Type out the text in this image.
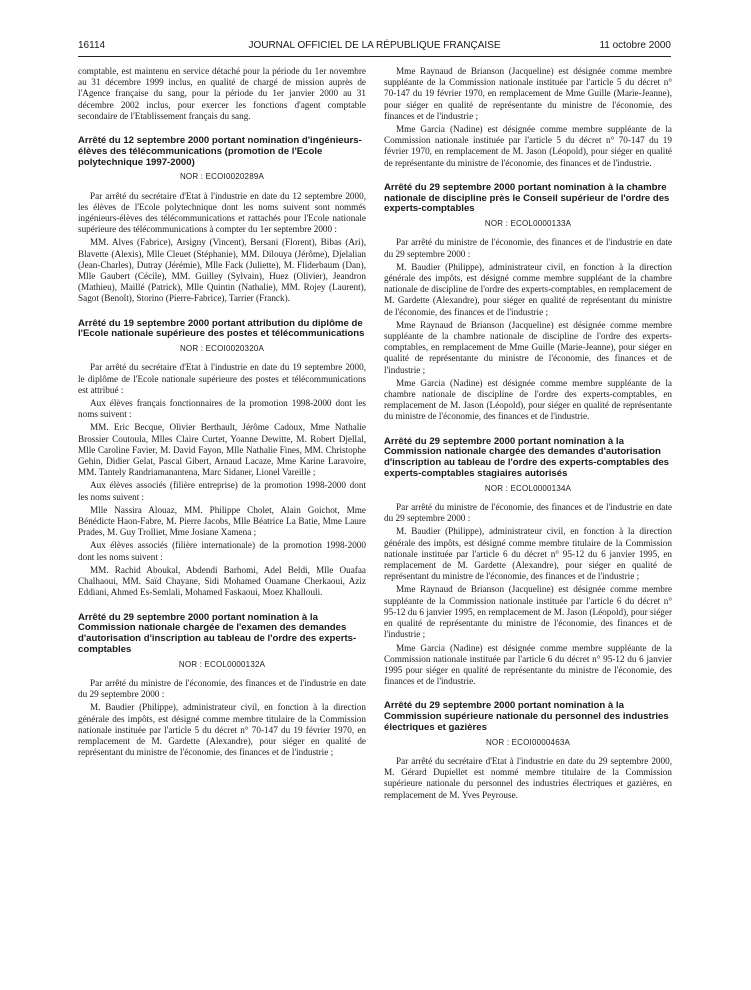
16114	JOURNAL OFFICIEL DE LA RÉPUBLIQUE FRANÇAISE	11 octobre 2000

comptable, est maintenu en service détaché pour la période du 1er novembre au 31 décembre 1999 inclus, en qualité de chargé de mission auprès de l'Agence française du sang, pour la période du 1er janvier 2000 au 31 décembre 2002 inclus, pour exercer les fonctions d'agent comptable secondaire de l'Etablissement français du sang.

Arrêté du 12 septembre 2000 portant nomination d'ingénieurs-élèves des télécommunications (promotion de l'Ecole polytechnique 1997-2000)
NOR : ECOI0020289A

Par arrêté du secrétaire d'Etat à l'industrie en date du 12 septembre 2000, les élèves de l'Ecole polytechnique dont les noms suivent sont nommés ingénieurs-élèves des télécommunications et rattachés pour l'Ecole nationale supérieure des télécommunications à compter du 1er septembre 2000 :

MM. Alves (Fabrice), Arsigny (Vincent), Bersani (Florent), Bibas (Ari), Blavette (Alexis), Mlle Cleuet (Stéphanie), MM. Dilouya (Jérôme), Djelalian (Jean-Charles), Dutray (Jérémie), Mlle Fack (Juliette), M. Fliderbaum (Dan), Mlle Gaubert (Cécile), MM. Guilley (Sylvain), Huez (Olivier), Jeandron (Mathieu), Maillé (Patrick), Mlle Quintin (Nathalie), MM. Rojey (Laurent), Sagot (Benoît), Storino (Pierre-Fabrice), Tarrier (Franck).

Arrêté du 19 septembre 2000 portant attribution du diplôme de l'Ecole nationale supérieure des postes et télécommunications
NOR : ECOI0020320A

Par arrêté du secrétaire d'Etat à l'industrie en date du 19 septembre 2000, le diplôme de l'Ecole nationale supérieure des postes et télécommunications est attribué :

Aux élèves français fonctionnaires de la promotion 1998-2000 dont les noms suivent :

MM. Eric Becque, Olivier Berthault, Jérôme Cadoux, Mme Nathalie Brossier Coutoula, Mlles Claire Curtet, Yoanne Dewitte, M. Robert Djellal, Mlle Caroline Favier, M. David Fayon, Mlle Nathalie Fines, MM. Christophe Gehin, Didier Gelat, Pascal Gibert, Arnaud Lacaze, Mme Karine Laravoire, MM. Tantely Randriamanantena, Marc Sidaner, Lionel Vareille ;

Aux élèves associés (filière entreprise) de la promotion 1998-2000 dont les noms suivent :

Mlle Nassira Alouaz, MM. Philippe Cholet, Alain Goichot, Mme Bénédicte Haon-Fabre, M. Pierre Jacobs, Mlle Béatrice La Batie, Mme Laure Prades, M. Guy Trolliet, Mme Josiane Xamena ;

Aux élèves associés (filière internationale) de la promotion 1998-2000 dont les noms suivent :

MM. Rachid Aboukal, Abdendi Barhomi, Adel Beldi, Mlle Ouafaa Chalhaoui, MM. Saïd Chayane, Sidi Mohamed Ouamane Cherkaoui, Aziz Eddiani, Ahmed Es-Semlali, Mohamed Faskaoui, Moez Khallouli.

Arrêté du 29 septembre 2000 portant nomination à la Commission nationale chargée de l'examen des demandes d'autorisation d'inscription au tableau de l'ordre des experts-comptables
NOR : ECOL0000132A

Par arrêté du ministre de l'économie, des finances et de l'industrie en date du 29 septembre 2000 :

M. Baudier (Philippe), administrateur civil, en fonction à la direction générale des impôts, est désigné comme membre titulaire de la Commission nationale instituée par l'article 5 du décret n° 70-147 du 19 février 1970, en remplacement de M. Gardette (Alexandre), pour siéger en qualité de représentant du ministre de l'économie, des finances et de l'industrie ;

Mme Raynaud de Brianson (Jacqueline) est désignée comme membre suppléante de la Commission nationale instituée par l'article 5 du décret n° 70-147 du 19 février 1970, en remplacement de Mme Guille (Marie-Jeanne), pour siéger en qualité de représentante du ministre de l'économie, des finances et de l'industrie ;

Mme Garcia (Nadine) est désignée comme membre suppléante de la Commission nationale instituée par l'article 5 du décret n° 70-147 du 19 février 1970, en remplacement de M. Jason (Léopold), pour siéger en qualité de représentante du ministre de l'économie, des finances et de l'industrie.

Arrêté du 29 septembre 2000 portant nomination à la chambre nationale de discipline près le Conseil supérieur de l'ordre des experts-comptables
NOR : ECOL0000133A

Par arrêté du ministre de l'économie, des finances et de l'industrie en date du 29 septembre 2000 :

M. Baudier (Philippe), administrateur civil, en fonction à la direction générale des impôts, est désigné comme membre suppléant de la chambre nationale de discipline de l'ordre des experts-comptables, en remplacement de M. Gardette (Alexandre), pour siéger en qualité de représentant du ministre de l'économie, des finances et de l'industrie ;

Mme Raynaud de Brianson (Jacqueline) est désignée comme membre suppléante de la chambre nationale de discipline de l'ordre des experts-comptables, en remplacement de Mme Guille (Marie-Jeanne), pour siéger en qualité de représentante du ministre de l'économie, des finances et de l'industrie ;

Mme Garcia (Nadine) est désignée comme membre suppléante de la chambre nationale de discipline de l'ordre des experts-comptables, en remplacement de M. Jason (Léopold), pour siéger en qualité de représentante du ministre de l'économie, des finances et de l'industrie.

Arrêté du 29 septembre 2000 portant nomination à la Commission nationale chargée des demandes d'autorisation d'inscription au tableau de l'ordre des experts-comptables des experts-comptables stagiaires autorisés
NOR : ECOL0000134A

Par arrêté du ministre de l'économie, des finances et de l'industrie en date du 29 septembre 2000 :

M. Baudier (Philippe), administrateur civil, en fonction à la direction générale des impôts, est désigné comme membre titulaire de la Commission nationale instituée par l'article 6 du décret n° 95-12 du 6 janvier 1995, en remplacement de M. Gardette (Alexandre), pour siéger en qualité de représentant du ministre de l'économie, des finances et de l'industrie ;

Mme Raynaud de Brianson (Jacqueline) est désignée comme membre suppléante de la Commission nationale instituée par l'article 6 du décret n° 95-12 du 6 janvier 1995, en remplacement de M. Jason (Léopold), pour siéger en qualité de représentante du ministre de l'économie, des finances et de l'industrie ;

Mme Garcia (Nadine) est désignée comme membre suppléante de la Commission nationale instituée par l'article 6 du décret n° 95-12 du 6 janvier 1995 pour siéger en qualité de représentante du ministre de l'économie, des finances et de l'industrie.

Arrêté du 29 septembre 2000 portant nomination à la Commission supérieure nationale du personnel des industries électriques et gazières
NOR : ECOI0000463A

Par arrêté du secrétaire d'Etat à l'industrie en date du 29 septembre 2000, M. Gérard Dupiellet est nommé membre titulaire de la Commission supérieure nationale du personnel des industries électriques et gazières, en remplacement de M. Yves Peyrouse.
